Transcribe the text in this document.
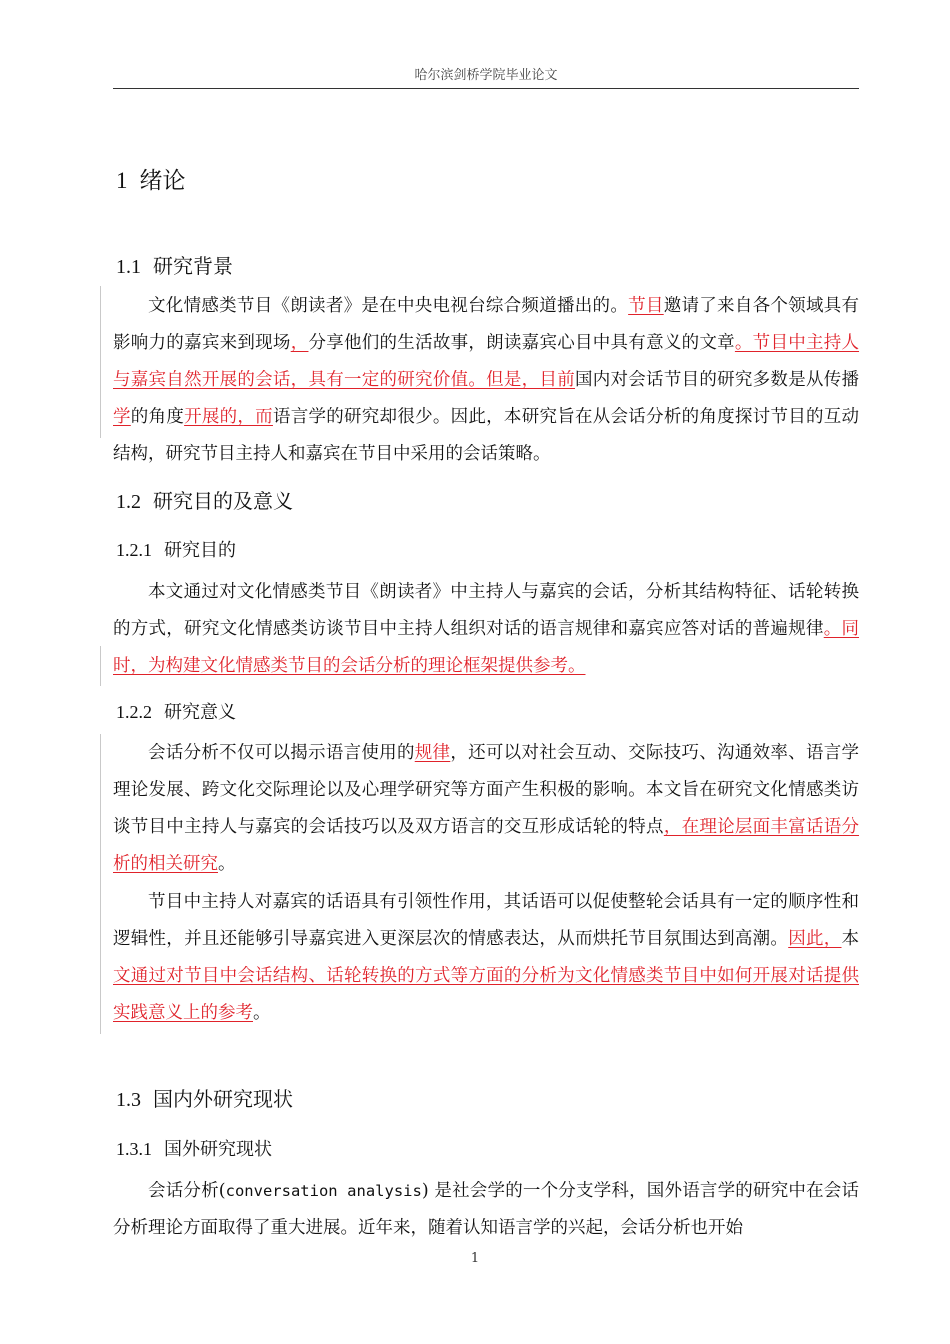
哈尔滨剑桥学院毕业论文
1 绪论
1.1 研究背景

文化情感类节目《朗读者》是在中央电视台综合频道播出的。节目邀请了来自各个领域具有影响力的嘉宾来到现场，分享他们的生活故事，朗读嘉宾心目中具有意义的文章。节目中主持人与嘉宾自然开展的会话，具有一定的研究价值。但是，目前国内对会话节目的研究多数是从传播学的角度开展的，而语言学的研究却很少。因此，本研究旨在从会话分析的角度探讨节目的互动结构，研究节目主持人和嘉宾在节目中采用的会话策略。

1.2 研究目的及意义
1.2.1 研究目的

本文通过对文化情感类节目《朗读者》中主持人与嘉宾的会话，分析其结构特征、话轮转换的方式，研究文化情感类访谈节目中主持人组织对话的语言规律和嘉宾应答对话的普遍规律。同时，为构建文化情感类节目的会话分析的理论框架提供参考。

1.2.2 研究意义

会话分析不仅可以揭示语言使用的规律，还可以对社会互动、交际技巧、沟通效率、语言学理论发展、跨文化交际理论以及心理学研究等方面产生积极的影响。本文旨在研究文化情感类访谈节目中主持人与嘉宾的会话技巧以及双方语言的交互形成话轮的特点，在理论层面丰富话语分析的相关研究。

节目中主持人对嘉宾的话语具有引领性作用，其话语可以促使整轮会话具有一定的顺序性和逻辑性，并且还能够引导嘉宾进入更深层次的情感表达，从而烘托节目氛围达到高潮。因此，本文通过对节目中会话结构、话轮转换的方式等方面的分析为文化情感类节目中如何开展对话提供实践意义上的参考。

1.3 国内外研究现状
1.3.1 国外研究现状

会话分析(conversation analysis) 是社会学的一个分支学科，国外语言学的研究中在会话分析理论方面取得了重大进展。近年来，随着认知语言学的兴起，会话分析也开始

1
